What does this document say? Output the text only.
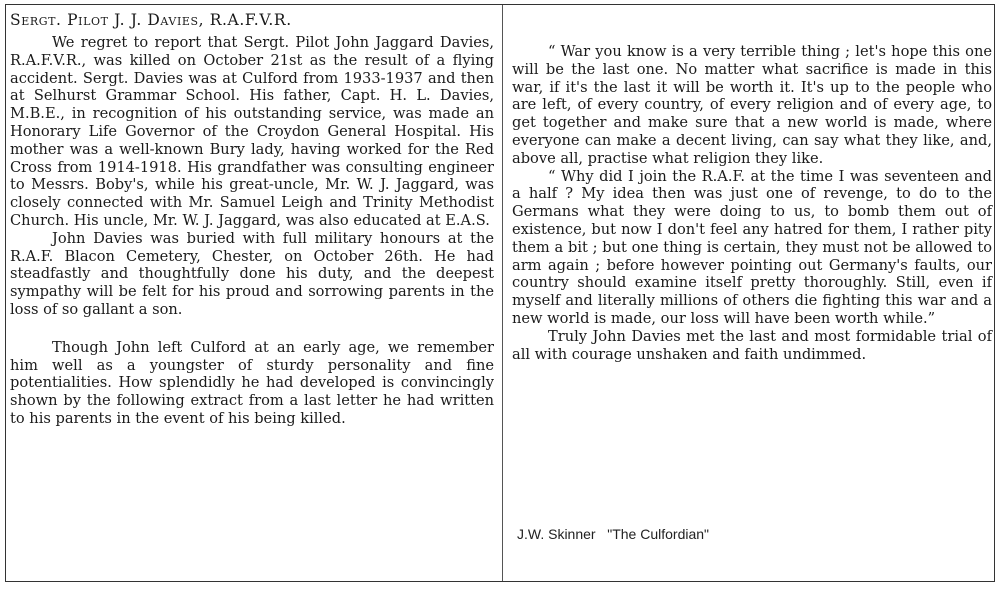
Sergt. Pilot J. J. Davies, R.A.F.V.R.

We regret to report that Sergt. Pilot John Jaggard Davies, R.A.F.V.R., was killed on October 21st as the result of a flying accident. Sergt. Davies was at Culford from 1933-1937 and then at Selhurst Grammar School. His father, Capt. H. L. Davies, M.B.E., in recognition of his outstanding service, was made an Honorary Life Governor of the Croydon General Hospital. His mother was a well-known Bury lady, having worked for the Red Cross from 1914-1918. His grandfather was consulting engineer to Messrs. Boby's, while his great-uncle, Mr. W. J. Jaggard, was closely connected with Mr. Samuel Leigh and Trinity Methodist Church. His uncle, Mr. W. J. Jaggard, was also educated at E.A.S.

John Davies was buried with full military honours at the R.A.F. Blacon Cemetery, Chester, on October 26th. He had steadfastly and thoughtfully done his duty, and the deepest sympathy will be felt for his proud and sorrowing parents in the loss of so gallant a son.

Though John left Culford at an early age, we remember him well as a youngster of sturdy personality and fine potentialities. How splendidly he had developed is convincingly shown by the following extract from a last letter he had written to his parents in the event of his being killed.

“ War you know is a very terrible thing ; let's hope this one will be the last one. No matter what sacrifice is made in this war, if it's the last it will be worth it. It's up to the people who are left, of every country, of every religion and of every age, to get together and make sure that a new world is made, where everyone can make a decent living, can say what they like, and, above all, practise what religion they like.

“ Why did I join the R.A.F. at the time I was seventeen and a half ? My idea then was just one of revenge, to do to the Germans what they were doing to us, to bomb them out of existence, but now I don't feel any hatred for them, I rather pity them a bit ; but one thing is certain, they must not be allowed to arm again ; before however pointing out Germany's faults, our country should examine itself pretty thoroughly. Still, even if myself and literally millions of others die fighting this war and a new world is made, our loss will have been worth while.”

Truly John Davies met the last and most formidable trial of all with courage unshaken and faith undimmed.

J.W. Skinner   "The Culfordian"
